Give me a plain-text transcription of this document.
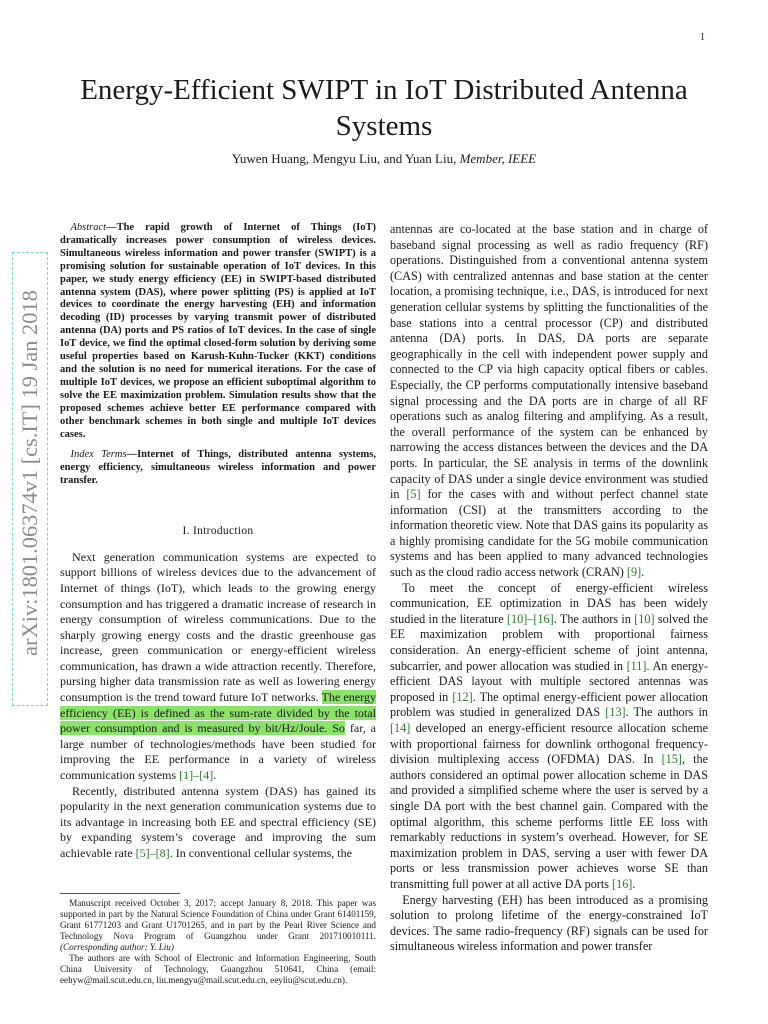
1
arXiv:1801.06374v1 [cs.IT] 19 Jan 2018
Energy-Efficient SWIPT in IoT Distributed Antenna Systems
Yuwen Huang, Mengyu Liu, and Yuan Liu, Member, IEEE

Abstract—The rapid growth of Internet of Things (IoT) dramatically increases power consumption of wireless devices. Simultaneous wireless information and power transfer (SWIPT) is a promising solution for sustainable operation of IoT devices. In this paper, we study energy efficiency (EE) in SWIPT-based distributed antenna system (DAS), where power splitting (PS) is applied at IoT devices to coordinate the energy harvesting (EH) and information decoding (ID) processes by varying transmit power of distributed antenna (DA) ports and PS ratios of IoT devices. In the case of single IoT device, we find the optimal closed-form solution by deriving some useful properties based on Karush-Kuhn-Tucker (KKT) conditions and the solution is no need for numerical iterations. For the case of multiple IoT devices, we propose an efficient suboptimal algorithm to solve the EE maximization problem. Simulation results show that the proposed schemes achieve better EE performance compared with other benchmark schemes in both single and multiple IoT devices cases.

Index Terms—Internet of Things, distributed antenna systems, energy efficiency, simultaneous wireless information and power transfer.

I. Introduction

Next generation communication systems are expected to support billions of wireless devices due to the advancement of Internet of things (IoT), which leads to the growing energy consumption and has triggered a dramatic increase of research in energy consumption of wireless communications. Due to the sharply growing energy costs and the drastic greenhouse gas increase, green communication or energy-efficient wireless communication, has drawn a wide attraction recently. Therefore, pursing higher data transmission rate as well as lowering energy consumption is the trend toward future IoT networks. The energy efficiency (EE) is defined as the sum-rate divided by the total power consumption and is measured by bit/Hz/Joule. So far, a large number of technologies/methods have been studied for improving the EE performance in a variety of wireless communication systems [1]–[4].

Recently, distributed antenna system (DAS) has gained its popularity in the next generation communication systems due to its advantage in increasing both EE and spectral efficiency (SE) by expanding system’s coverage and improving the sum achievable rate [5]–[8]. In conventional cellular systems, the

Manuscript received October 3, 2017; accept January 8, 2018. This paper was supported in part by the Natural Science Foundation of China under Grant 61401159, Grant 61771203 and Grant U1701265, and in part by the Pearl River Science and Technology Nova Program of Guangzhou under Grant 201710010111. (Corresponding author: Y. Liu)

The authors are with School of Electronic and Information Engineering, South China University of Technology, Guangzhou 510641, China (email: eehyw@mail.scut.edu.cn, liu.mengyu@mail.scut.edu.cn, eeyliu@scut.edu.cn).

antennas are co-located at the base station and in charge of baseband signal processing as well as radio frequency (RF) operations. Distinguished from a conventional antenna system (CAS) with centralized antennas and base station at the center location, a promising technique, i.e., DAS, is introduced for next generation cellular systems by splitting the functionalities of the base stations into a central processor (CP) and distributed antenna (DA) ports. In DAS, DA ports are separate geographically in the cell with independent power supply and connected to the CP via high capacity optical fibers or cables. Especially, the CP performs computationally intensive baseband signal processing and the DA ports are in charge of all RF operations such as analog filtering and amplifying. As a result, the overall performance of the system can be enhanced by narrowing the access distances between the devices and the DA ports. In particular, the SE analysis in terms of the downlink capacity of DAS under a single device environment was studied in [5] for the cases with and without perfect channel state information (CSI) at the transmitters according to the information theoretic view. Note that DAS gains its popularity as a highly promising candidate for the 5G mobile communication systems and has been applied to many advanced technologies such as the cloud radio access network (CRAN) [9].

To meet the concept of energy-efficient wireless communication, EE optimization in DAS has been widely studied in the literature [10]–[16]. The authors in [10] solved the EE maximization problem with proportional fairness consideration. An energy-efficient scheme of joint antenna, subcarrier, and power allocation was studied in [11]. An energy-efficient DAS layout with multiple sectored antennas was proposed in [12]. The optimal energy-efficient power allocation problem was studied in generalized DAS [13]. The authors in [14] developed an energy-efficient resource allocation scheme with proportional fairness for downlink orthogonal frequency-division multiplexing access (OFDMA) DAS. In [15], the authors considered an optimal power allocation scheme in DAS and provided a simplified scheme where the user is served by a single DA port with the best channel gain. Compared with the optimal algorithm, this scheme performs little EE loss with remarkably reductions in system’s overhead. However, for SE maximization problem in DAS, serving a user with fewer DA ports or less transmission power achieves worse SE than transmitting full power at all active DA ports [16].

Energy harvesting (EH) has been introduced as a promising solution to prolong lifetime of the energy-constrained IoT devices. The same radio-frequency (RF) signals can be used for simultaneous wireless information and power transfer
